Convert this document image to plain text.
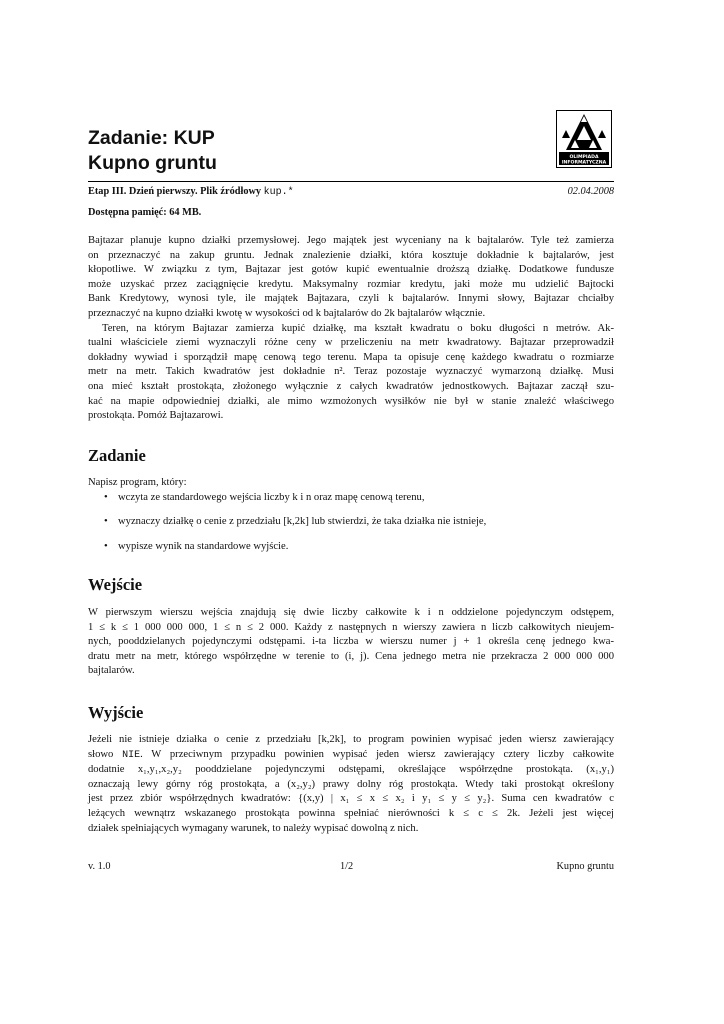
Zadanie: KUP
Kupno gruntu	OLIMPIADA
INFORMATYCZNA
Etap III. Dzień pierwszy. Plik źródłowy kup.*	02.04.2008
Dostępna pamięć: 64 MB.
Bajtazar planuje kupno działki przemysłowej. Jego majątek jest wyceniany na k bajtalarów. Tyle też zamierza
on przeznaczyć na zakup gruntu. Jednak znalezienie działki, która kosztuje dokładnie k bajtalarów, jest
kłopotliwe. W związku z tym, Bajtazar jest gotów kupić ewentualnie droższą działkę. Dodatkowe fundusze
może uzyskać przez zaciągnięcie kredytu. Maksymalny rozmiar kredytu, jaki może mu udzielić Bajtocki
Bank Kredytowy, wynosi tyle, ile majątek Bajtazara, czyli k bajtalarów. Innymi słowy, Bajtazar chciałby
przeznaczyć na kupno działki kwotę w wysokości od k bajtalarów do 2k bajtalarów włącznie.
Teren, na którym Bajtazar zamierza kupić działkę, ma kształt kwadratu o boku długości n metrów. Ak-
tualni właściciele ziemi wyznaczyli różne ceny w przeliczeniu na metr kwadratowy. Bajtazar przeprowadził
dokładny wywiad i sporządził mapę cenową tego terenu. Mapa ta opisuje cenę każdego kwadratu o rozmiarze
metr na metr. Takich kwadratów jest dokładnie n². Teraz pozostaje wyznaczyć wymarzoną działkę. Musi
ona mieć kształt prostokąta, złożonego wyłącznie z całych kwadratów jednostkowych. Bajtazar zaczął szu-
kać na mapie odpowiedniej działki, ale mimo wzmożonych wysiłków nie był w stanie znaleźć właściwego
prostokąta. Pomóż Bajtazarowi.
Zadanie
Napisz program, który:
• wczyta ze standardowego wejścia liczby k i n oraz mapę cenową terenu,
• wyznaczy działkę o cenie z przedziału [k,2k] lub stwierdzi, że taka działka nie istnieje,
• wypisze wynik na standardowe wyjście.
Wejście
W pierwszym wierszu wejścia znajdują się dwie liczby całkowite k i n oddzielone pojedynczym odstępem,
1 ≤ k ≤ 1 000 000 000, 1 ≤ n ≤ 2 000. Każdy z następnych n wierszy zawiera n liczb całkowitych nieujem-
nych, pooddzielanych pojedynczymi odstępami. i-ta liczba w wierszu numer j + 1 określa cenę jednego kwa-
dratu metr na metr, którego współrzędne w terenie to (i, j). Cena jednego metra nie przekracza 2 000 000 000
bajtalarów.
Wyjście
Jeżeli nie istnieje działka o cenie z przedziału [k,2k], to program powinien wypisać jeden wiersz zawierający
słowo NIE. W przeciwnym przypadku powinien wypisać jeden wiersz zawierający cztery liczby całkowite
dodatnie x₁,y₁,x₂,y₂ pooddzielane pojedynczymi odstępami, określające współrzędne prostokąta. (x₁,y₁)
oznaczają lewy górny róg prostokąta, a (x₂,y₂) prawy dolny róg prostokąta. Wtedy taki prostokąt określony
jest przez zbiór współrzędnych kwadratów: {(x,y) | x₁ ≤ x ≤ x₂ i y₁ ≤ y ≤ y₂}. Suma cen kwadratów c
leżących wewnątrz wskazanego prostokąta powinna spełniać nierówności k ≤ c ≤ 2k. Jeżeli jest więcej
działek spełniających wymagany warunek, to należy wypisać dowolną z nich.
v. 1.0	1/2	Kupno gruntu
